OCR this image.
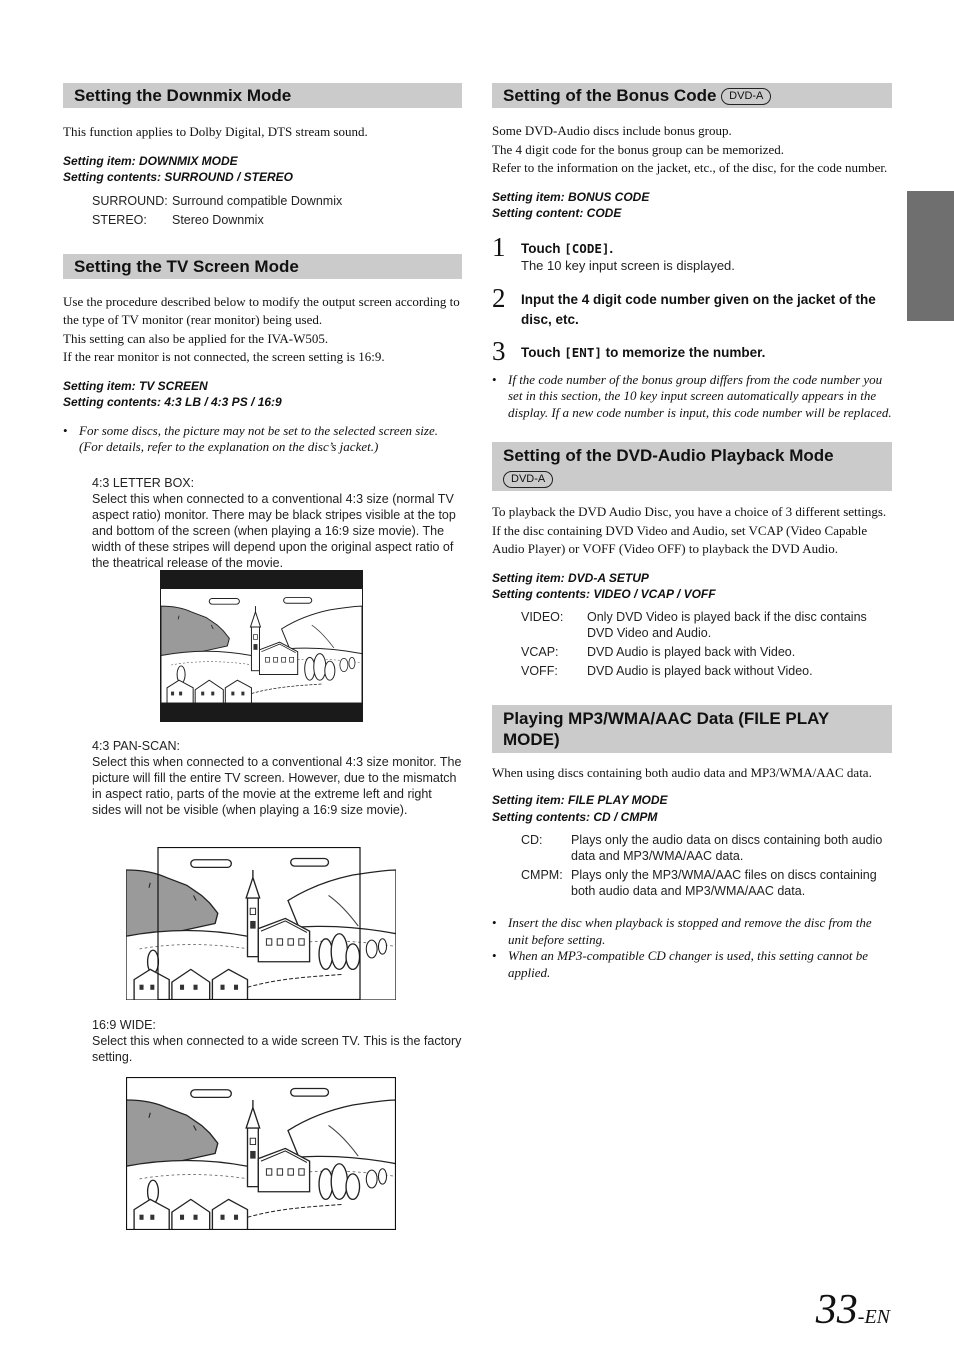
Setting the Downmix Mode

This function applies to Dolby Digital, DTS stream sound.

Setting item: DOWNMIX MODE
Setting contents: SURROUND / STEREO
SURROUND: Surround compatible Downmix
STEREO:	Stereo Downmix
Setting the TV Screen Mode

Use the procedure described below to modify the output screen according to the type of TV monitor (rear monitor) being used.

This setting can also be applied for the IVA-W505.

If the rear monitor is not connected, the screen setting is 16:9.

Setting item: TV SCREEN
Setting contents: 4:3 LB / 4:3 PS / 16:9
• For some discs, the picture may not be set to the selected screen size. (For details, refer to the explanation on the disc’s jacket.)
4:3 LETTER BOX:
Select this when connected to a conventional 4:3 size (normal TV aspect ratio) monitor. There may be black stripes visible at the top and bottom of the screen (when playing a 16:9 size movie). The width of these stripes will depend upon the original aspect ratio of the theatrical release of the movie.
4:3 PAN-SCAN:
Select this when connected to a conventional 4:3 size monitor. The picture will fill the entire TV screen. However, due to the mismatch in aspect ratio, parts of the movie at the extreme left and right sides will not be visible (when playing a 16:9 size movie).
16:9 WIDE:
Select this when connected to a wide screen TV. This is the factory setting.
Setting of the Bonus Code DVD-A

Some DVD-Audio discs include bonus group.

The 4 digit code for the bonus group can be memorized.

Refer to the information on the jacket, etc., of the disc, for the code number.

Setting item: BONUS CODE
Setting content: CODE
1 Touch [CODE].
The 10 key input screen is displayed.
2 Input the 4 digit code number given on the jacket of the disc, etc.
3 Touch [ENT] to memorize the number.
• If the code number of the bonus group differs from the code number you set in this section, the 10 key input screen automatically appears in the display. If a new code number is input, this code number will be replaced.
Setting of the DVD-Audio Playback Mode
DVD-A

To playback the DVD Audio Disc, you have a choice of 3 different settings. If the disc containing DVD Video and Audio, set VCAP (Video Capable Audio Player) or VOFF (Video OFF) to playback the DVD Audio.

Setting item: DVD-A SETUP
Setting contents: VIDEO / VCAP / VOFF
VIDEO:	Only DVD Video is played back if the disc contains DVD Video and Audio.
VCAP:	DVD Audio is played back with Video.
VOFF:	DVD Audio is played back without Video.
Playing MP3/WMA/AAC Data (FILE PLAY MODE)

When using discs containing both audio data and MP3/WMA/AAC data.

Setting item: FILE PLAY MODE
Setting contents: CD / CMPM
CD:	Plays only the audio data on discs containing both audio data and MP3/WMA/AAC data.
CMPM: Plays only the MP3/WMA/AAC files on discs containing both audio data and MP3/WMA/AAC data.
• Insert the disc when playback is stopped and remove the disc from the unit before setting.
• When an MP3-compatible CD changer is used, this setting cannot be applied.
33-EN
